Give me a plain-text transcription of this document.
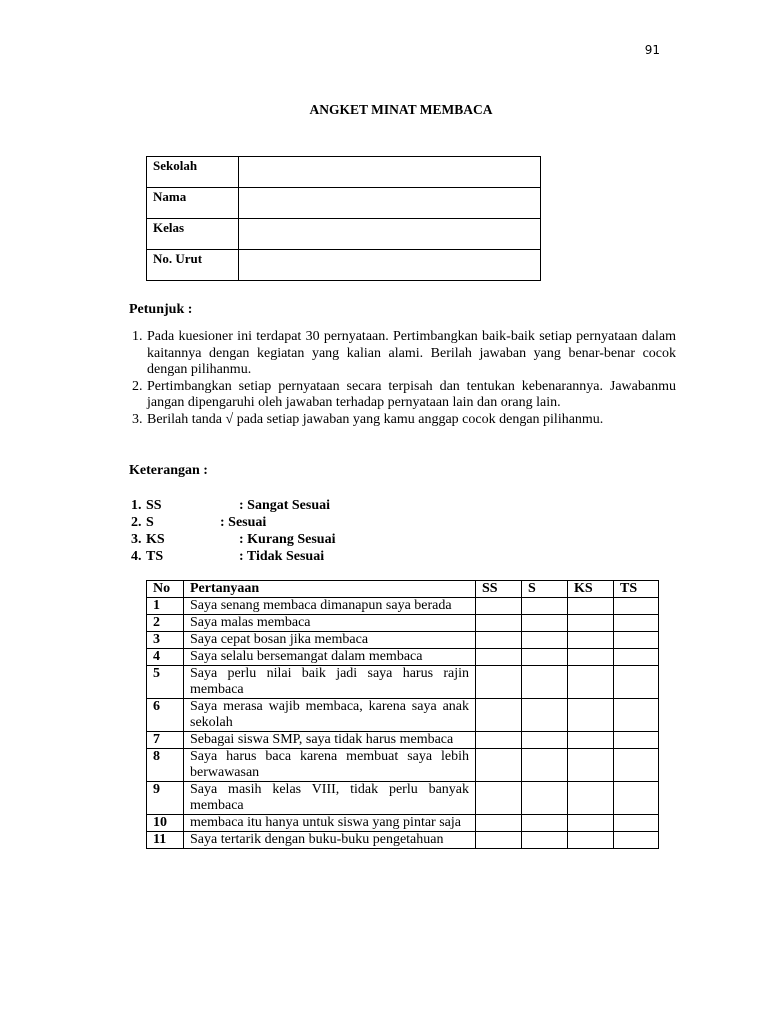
91
ANGKET MINAT MEMBACA
Sekolah	
Nama	
Kelas	
No. Urut	
Petunjuk :
1. Pada kuesioner ini terdapat 30 pernyataan. Pertimbangkan baik-baik setiap pernyataan dalam kaitannya dengan kegiatan yang kalian alami. Berilah jawaban yang benar-benar cocok dengan pilihanmu.
2. Pertimbangkan setiap pernyataan secara terpisah dan tentukan kebenarannya. Jawabanmu jangan dipengaruhi oleh jawaban terhadap pernyataan lain dan orang lain.
3. Berilah tanda √ pada setiap jawaban yang kamu anggap cocok dengan pilihanmu.
Keterangan :
1. SS	: Sangat Sesuai
2. S	: Sesuai
3. KS	: Kurang Sesuai
4. TS	: Tidak Sesuai
No	Pertanyaan	SS	S	KS	TS
1	Saya senang membaca dimanapun saya berada				
2	Saya malas membaca				
3	Saya cepat bosan jika membaca				
4	Saya selalu bersemangat dalam membaca				
5	Saya perlu nilai baik jadi saya harus rajin membaca				
6	Saya merasa wajib membaca, karena saya anak sekolah				
7	Sebagai siswa SMP, saya tidak harus membaca				
8	Saya harus baca karena membuat saya lebih berwawasan				
9	Saya masih kelas VIII, tidak perlu banyak membaca				
10	membaca itu hanya untuk siswa yang pintar saja				
11	Saya tertarik dengan buku-buku pengetahuan				
